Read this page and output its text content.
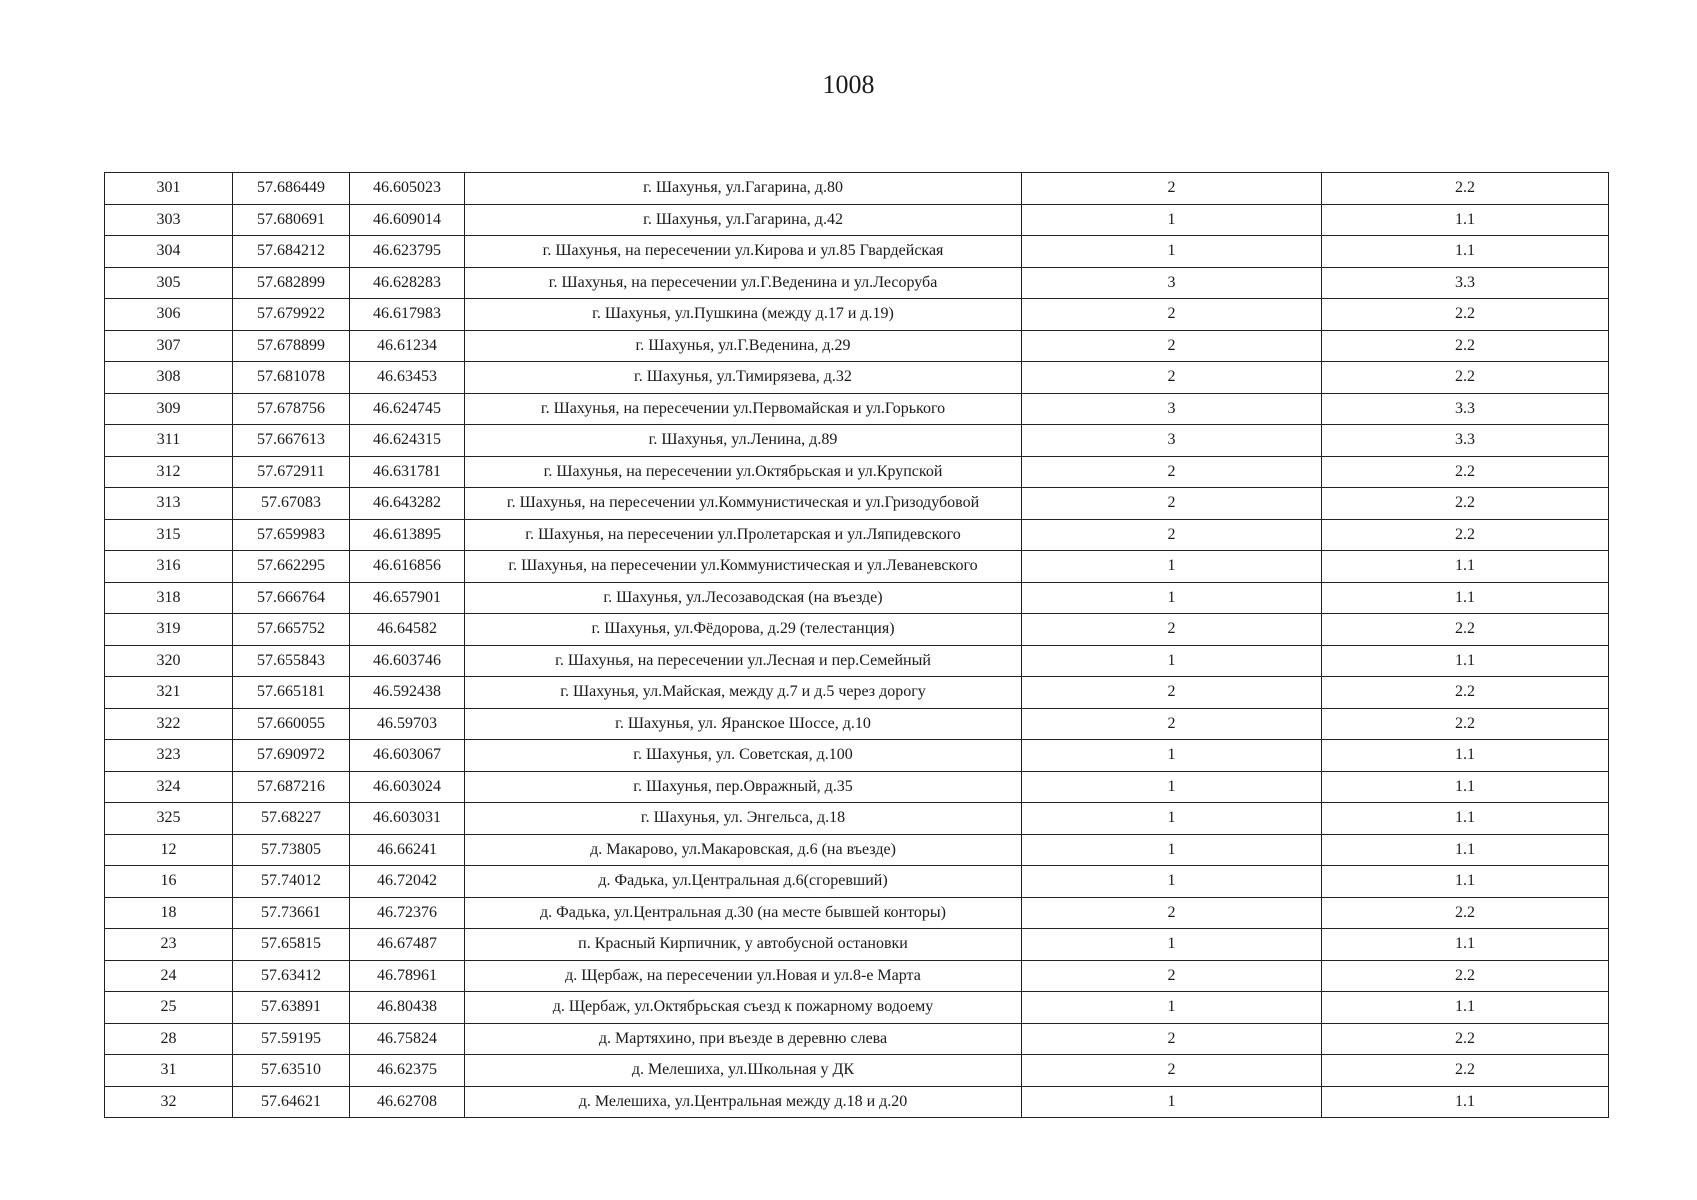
1008
301	57.686449	46.605023	г. Шахунья, ул.Гагарина, д.80	2	2.2
303	57.680691	46.609014	г. Шахунья, ул.Гагарина, д.42	1	1.1
304	57.684212	46.623795	г. Шахунья, на пересечении ул.Кирова и ул.85 Гвардейская	1	1.1
305	57.682899	46.628283	г. Шахунья, на пересечении ул.Г.Веденина и ул.Лесоруба	3	3.3
306	57.679922	46.617983	г. Шахунья, ул.Пушкина (между д.17 и д.19)	2	2.2
307	57.678899	46.61234	г. Шахунья, ул.Г.Веденина, д.29	2	2.2
308	57.681078	46.63453	г. Шахунья, ул.Тимирязева, д.32	2	2.2
309	57.678756	46.624745	г. Шахунья, на пересечении ул.Первомайская и ул.Горького	3	3.3
311	57.667613	46.624315	г. Шахунья, ул.Ленина, д.89	3	3.3
312	57.672911	46.631781	г. Шахунья, на пересечении ул.Октябрьская и ул.Крупской	2	2.2
313	57.67083	46.643282	г. Шахунья, на пересечении ул.Коммунистическая и ул.Гризодубовой	2	2.2
315	57.659983	46.613895	г. Шахунья, на пересечении ул.Пролетарская и ул.Ляпидевского	2	2.2
316	57.662295	46.616856	г. Шахунья, на пересечении ул.Коммунистическая и ул.Леваневского	1	1.1
318	57.666764	46.657901	г. Шахунья, ул.Лесозаводская (на въезде)	1	1.1
319	57.665752	46.64582	г. Шахунья, ул.Фёдорова, д.29 (телестанция)	2	2.2
320	57.655843	46.603746	г. Шахунья, на пересечении ул.Лесная и пер.Семейный	1	1.1
321	57.665181	46.592438	г. Шахунья, ул.Майская, между д.7 и д.5 через дорогу	2	2.2
322	57.660055	46.59703	г. Шахунья, ул. Яранское Шоссе, д.10	2	2.2
323	57.690972	46.603067	г. Шахунья, ул. Советская, д.100	1	1.1
324	57.687216	46.603024	г. Шахунья, пер.Овражный, д.35	1	1.1
325	57.68227	46.603031	г. Шахунья, ул. Энгельса, д.18	1	1.1
12	57.73805	46.66241	д. Макарово, ул.Макаровская, д.6 (на въезде)	1	1.1
16	57.74012	46.72042	д. Фадька, ул.Центральная д.6(сгоревший)	1	1.1
18	57.73661	46.72376	д. Фадька, ул.Центральная д.30 (на месте бывшей конторы)	2	2.2
23	57.65815	46.67487	п. Красный Кирпичник, у автобусной остановки	1	1.1
24	57.63412	46.78961	д. Щербаж, на пересечении ул.Новая и ул.8-е Марта	2	2.2
25	57.63891	46.80438	д. Щербаж, ул.Октябрьская съезд к пожарному водоему	1	1.1
28	57.59195	46.75824	д. Мартяхино, при въезде в деревню слева	2	2.2
31	57.63510	46.62375	д. Мелешиха, ул.Школьная у ДК	2	2.2
32	57.64621	46.62708	д. Мелешиха, ул.Центральная между д.18 и д.20	1	1.1
